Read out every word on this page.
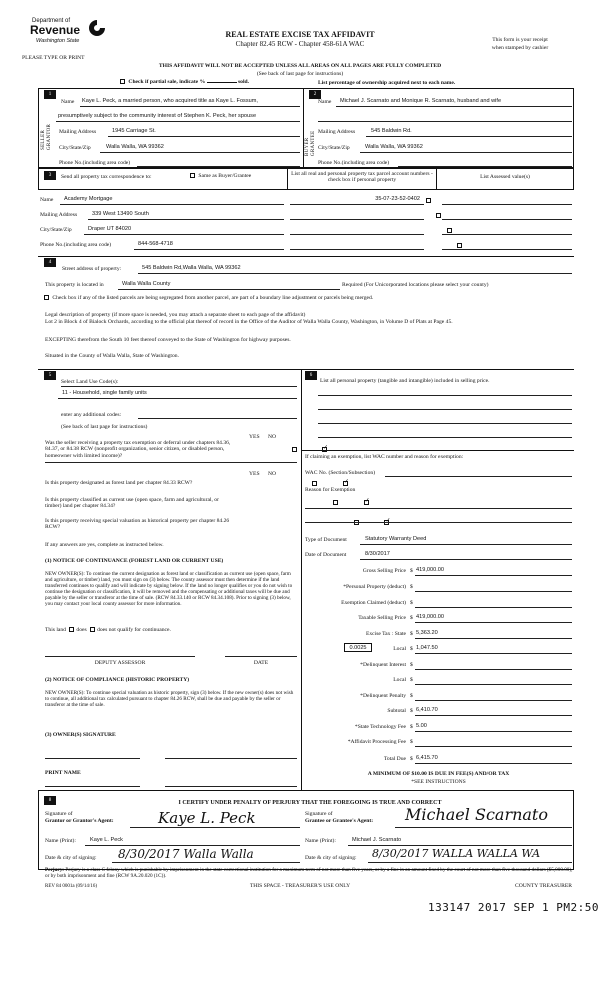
Department of
Revenue
Washington State
REAL ESTATE EXCISE TAX AFFIDAVIT
Chapter 82.45 RCW - Chapter 458-61A WAC	This form is your receipt
when stamped by cashier
PLEASE TYPE OR PRINT
THIS AFFIDAVIT WILL NOT BE ACCEPTED UNLESS ALL AREAS ON ALL PAGES ARE FULLY COMPLETED
(See back of last page for instructions)
Check if partial sale, indicate %	sold.	List percentage of ownership acquired next to each name.
1	2
SELLER GRANTOR	BUYER GRANTEE
Name Kaye L. Peck, a married person, who acquired title as Kaye L. Fossum,
presumptively subject to the community interest of Stephen K. Peck, her spouse
Mailing Address	1945 Carriage St.
City/State/Zip	Walla Walla, WA 99362
Phone No.(including area code)
Name Michael J. Scarnato and Monique R. Scarnato, husband and wife
Mailing Address	545 Baldwin Rd.
City/State/Zip	Walla Walla, WA 99362
Phone No.(including area code)
3	Send all property tax correspondence to:	Same as Buyer/Grantee	List all real and personal property tax parcel account numbers - check box if personal property
List Assessed value(s)
Name Academy Mortgage
Mailing Address	339 West 13490 South
City/State/Zip	Draper UT 84020
Phone No.(including area code)	844-568-4718
35-07-23-52-0402

4
Street address of property:	545 Baldwin Rd,Walla Walla, WA 99362
This property is located in	Walla Walla County	Required (For Unicorporated locations please select your county)
Check box if any of the listed parcels are being segregated from another parcel, are part of a boundary line adjustment or parcels being merged.
Legal description of property (if more space is needed, you may attach a separate sheet to each page of the affidavit)
Lot 2 in Block 4 of Bialock Orchards, according to the official plat thereof of record in the Office of the Auditor of Walla Walla County, Washington, in Volume D of Plats at Page 45.
EXCEPTING therefrom the South 10 feet thereof conveyed to the State of Washington for highway purposes.
Situated in the County of Walla Walla, State of Washington.
5	6
Select Land Use Code(s):
11 - Household, single family units
enter any additional codes:
(See back of last page for instructions)
YES NO
Was the seller receiving a property tax exemption or deferral under chapters 84.36, 84.37, or 84.38 RCW (nonprofit organization, senior citizen, or disabled person, homeowner with limited income)?
✓
YES NO
Is this property designated as forest land per chapter 84.33 RCW?
✓
Is this property classified as current use (open space, farm and agricultural, or timber) land per chapter 84.34?
✓
Is this property receiving special valuation as historical property per chapter 84.26 RCW?
✓
If any answers are yes, complete as instructed below.
(1) NOTICE OF CONTINUANCE (FOREST LAND OR CURRENT USE)
NEW OWNER(S): To continue the current designation as forest land or classification as current use (open space, farm and agriculture, or timber) land, you must sign on (3) below. The county assessor must then determine if the land transferred continues to qualify and will indicate by signing below. If the land no longer qualifies or you do not wish to continue the designation or classification, it will be removed and the compensating or additional taxes will be due and payable by the seller or transferor at the time of sale. (RCW 84.33.140 or RCW 84.34.108). Prior to signing (3) below, you may contact your local county assessor for more information.
This land does does not qualify for continuance.
DEPUTY ASSESSOR	DATE
(2) NOTICE OF COMPLIANCE (HISTORIC PROPERTY)
NEW OWNER(S): To continue special valuation as historic property, sign (3) below. If the new owner(s) does not wish to continue, all additional tax calculated pursuant to chapter 84.26 RCW, shall be due and payable by the seller or transferor at the time of sale.
(3) OWNER(S) SIGNATURE
PRINT NAME
List all personal property (tangible and intangible) included in selling price.
If claiming an exemption, list WAC number and reason for exemption:
WAC No. (Section/Subsection)
Reason for Exemption
Type of Document	Statutory Warranty Deed
Date of Document	8/30/2017
Gross Selling Price $ 419,000.00
*Personal Property (deduct) $
Exemption Claimed (deduct) $
Taxable Selling Price $ 419,000.00
Excise Tax : State $ 5,363.20
0.0025	Local $ 1,047.50
*Delinquent Interest $
Local $
*Delinquent Penalty $
Subtotal $ 6,410.70
*State Technology Fee $ 5.00
*Affidavit Processing Fee $
Total Due $ 6,415.70
A MINIMUM OF $10.00 IS DUE IN FEE(S) AND/OR TAX
*SEE INSTRUCTIONS
8	I CERTIFY UNDER PENALTY OF PERJURY THAT THE FOREGOING IS TRUE AND CORRECT
Signature of
Grantor or Grantor's Agent:	Kaye L. Peck	Signature of
Grantee or Grantee's Agent: Michael Scarnato
Name (Print):	Kaye L. Peck	Name (Print):	Michael J. Scarnato
Date & city of signing: 8/30/2017 Walla Walla	Date & city of signing: 8/30/2017 WALLA WALLA WA
Perjury: Perjury is a class C felony which is punishable by imprisonment in the state correctional institution for a maximum term of not more than five years, or by a fine in an amount fixed by the court of not more than five thousand dollars ($5,000.00), or by both imprisonment and fine (RCW 9A.20.020 (1C)).
REV 84 0001a (09/14/16)	THIS SPACE - TREASURER'S USE ONLY	COUNTY TREASURER
133147 2017 SEP 1 PM2:50
